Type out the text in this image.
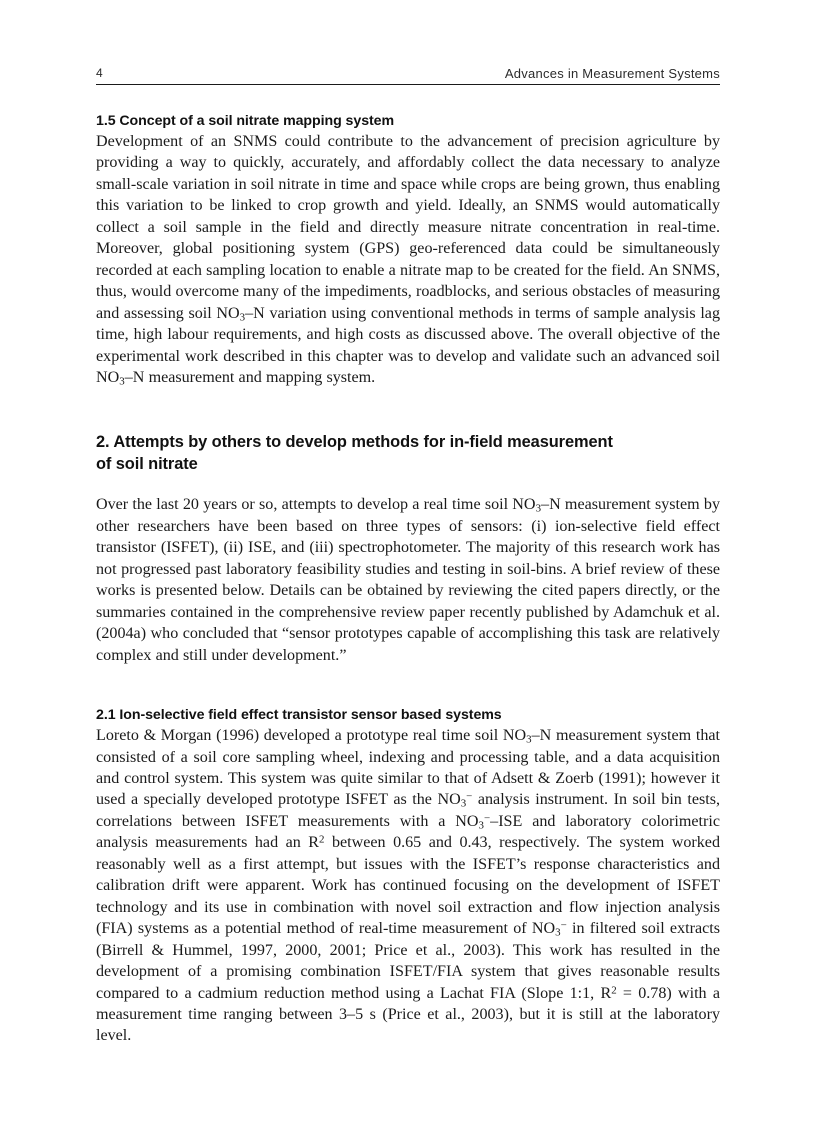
4	Advances in Measurement Systems
1.5 Concept of a soil nitrate mapping system

Development of an SNMS could contribute to the advancement of precision agriculture by providing a way to quickly, accurately, and affordably collect the data necessary to analyze small-scale variation in soil nitrate in time and space while crops are being grown, thus enabling this variation to be linked to crop growth and yield. Ideally, an SNMS would automatically collect a soil sample in the field and directly measure nitrate concentration in real-time. Moreover, global positioning system (GPS) geo-referenced data could be simultaneously recorded at each sampling location to enable a nitrate map to be created for the field. An SNMS, thus, would overcome many of the impediments, roadblocks, and serious obstacles of measuring and assessing soil $NO_3-N$ variation using conventional methods in terms of sample analysis lag time, high labour requirements, and high costs as discussed above. The overall objective of the experimental work described in this chapter was to develop and validate such an advanced soil $NO_3-N$ measurement and mapping system.

2. Attempts by others to develop methods for in-field measurement
of soil nitrate

Over the last 20 years or so, attempts to develop a real time soil $NO_3-N$ measurement system by other researchers have been based on three types of sensors: (i) ion-selective field effect transistor (ISFET), (ii) ISE, and (iii) spectrophotometer. The majority of this research work has not progressed past laboratory feasibility studies and testing in soil-bins. A brief review of these works is presented below. Details can be obtained by reviewing the cited papers directly, or the summaries contained in the comprehensive review paper recently published by Adamchuk et al. (2004a) who concluded that “sensor prototypes capable of accomplishing this task are relatively complex and still under development.”

2.1 Ion-selective field effect transistor sensor based systems

Loreto & Morgan (1996) developed a prototype real time soil $NO_3-N$ measurement system that consisted of a soil core sampling wheel, indexing and processing table, and a data acquisition and control system. This system was quite similar to that of Adsett & Zoerb (1991); however it used a specially developed prototype ISFET as the $NO_3^-$ analysis instrument. In soil bin tests, correlations between ISFET measurements with a $NO_3^-$–ISE and laboratory colorimetric analysis measurements had an $R^2$ between 0.65 and 0.43, respectively. The system worked reasonably well as a first attempt, but issues with the ISFET’s response characteristics and calibration drift were apparent. Work has continued focusing on the development of ISFET technology and its use in combination with novel soil extraction and flow injection analysis (FIA) systems as a potential method of real-time measurement of $NO_3^-$ in filtered soil extracts (Birrell & Hummel, 1997, 2000, 2001; Price et al., 2003). This work has resulted in the development of a promising combination ISFET/FIA system that gives reasonable results compared to a cadmium reduction method using a Lachat FIA (Slope 1:1, $R^2 = 0.78$) with a measurement time ranging between 3–5 s (Price et al., 2003), but it is still at the laboratory level.
